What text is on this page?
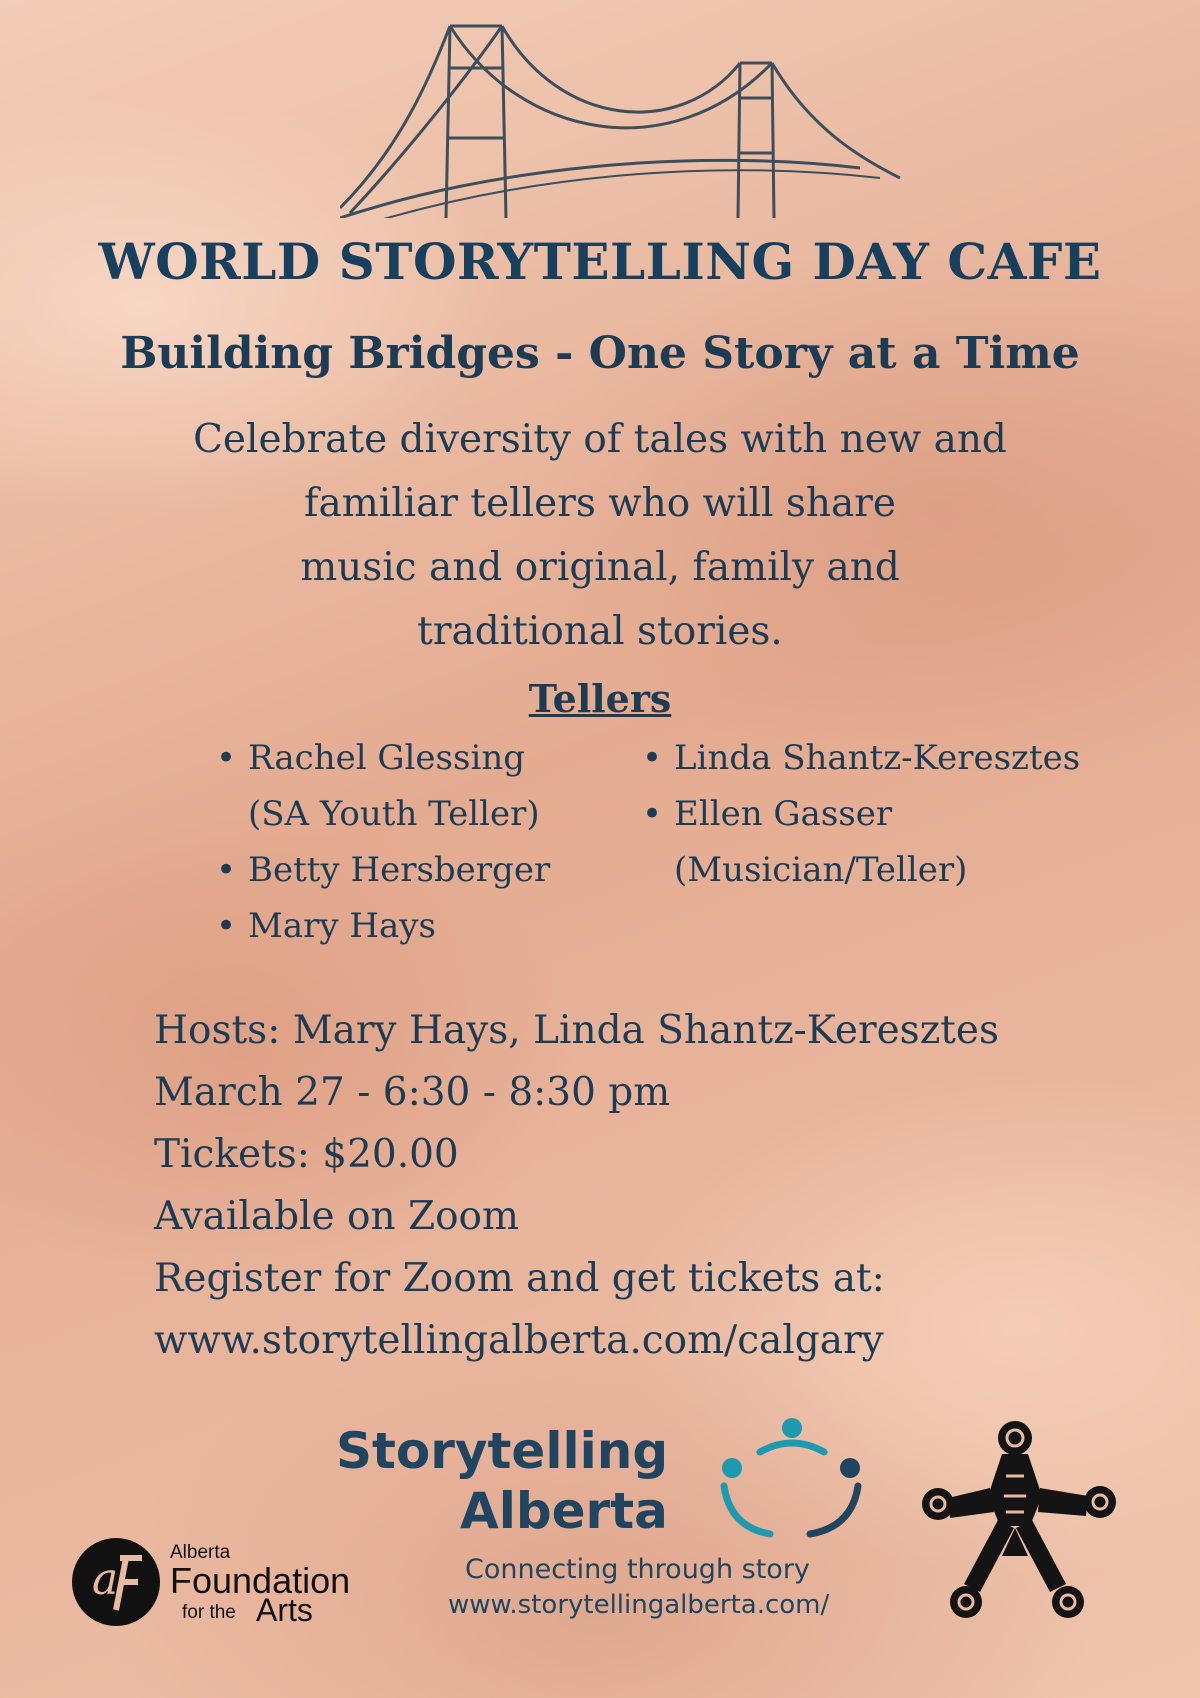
WORLD STORYTELLING DAY CAFE
Building Bridges - One Story at a Time

Celebrate diversity of tales with new and
familiar tellers who will share
music and original, family and
traditional stories.

Tellers
• Rachel Glessing
(SA Youth Teller)
• Betty Hersberger
• Mary Hays
• Linda Shantz-Keresztes
• Ellen Gasser
(Musician/Teller)
Hosts: Mary Hays, Linda Shantz-Keresztes
March 27 - 6:30 - 8:30 pm
Tickets: $20.00
Available on Zoom
Register for Zoom and get tickets at:
www.storytellingalberta.com/calgary
Storytelling
Alberta
Connecting through story
www.storytellingalberta.com/
a
Alberta
Foundation
for the Arts
